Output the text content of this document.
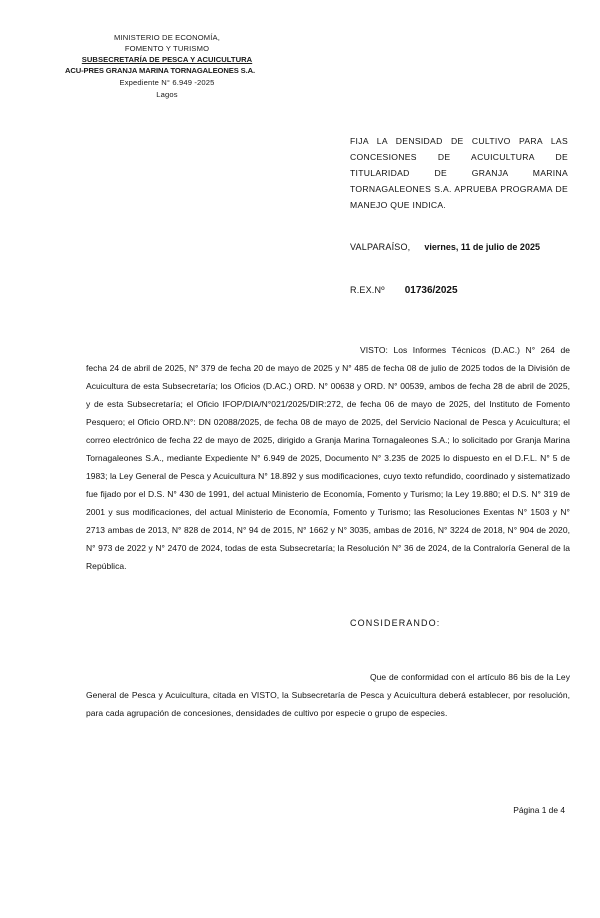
MINISTERIO DE ECONOMÍA,
FOMENTO Y TURISMO
SUBSECRETARÍA DE PESCA Y ACUICULTURA
ACU-PRES GRANJA MARINA TORNAGALEONES S.A.
Expediente N° 6.949 -2025
Lagos
FIJA LA DENSIDAD DE CULTIVO PARA LAS CONCESIONES DE ACUICULTURA DE TITULARIDAD DE GRANJA MARINA TORNAGALEONES S.A. APRUEBA PROGRAMA DE MANEJO QUE INDICA.
VALPARAÍSO, viernes, 11 de julio de 2025
R.EX.Nº 01736/2025
VISTO: Los Informes Técnicos (D.AC.) N° 264 de fecha 24 de abril de 2025, N° 379 de fecha 20 de mayo de 2025 y N° 485 de fecha 08 de julio de 2025 todos de la División de Acuicultura de esta Subsecretaría; los Oficios (D.AC.) ORD. N° 00638 y ORD. N° 00539, ambos de fecha 28 de abril de 2025, y de esta Subsecretaría; el Oficio IFOP/DIA/N°021/2025/DIR:272, de fecha 06 de mayo de 2025, del Instituto de Fomento Pesquero; el Oficio ORD.N°: DN 02088/2025, de fecha 08 de mayo de 2025, del Servicio Nacional de Pesca y Acuicultura; el correo electrónico de fecha 22 de mayo de 2025, dirigido a Granja Marina Tornagaleones S.A.; lo solicitado por Granja Marina Tornagaleones S.A., mediante Expediente N° 6.949 de 2025, Documento N° 3.235 de 2025 lo dispuesto en el D.F.L. N° 5 de 1983; la Ley General de Pesca y Acuicultura N° 18.892 y sus modificaciones, cuyo texto refundido, coordinado y sistematizado fue fijado por el D.S. N° 430 de 1991, del actual Ministerio de Economía, Fomento y Turismo; la Ley 19.880; el D.S. N° 319 de 2001 y sus modificaciones, del actual Ministerio de Economía, Fomento y Turismo; las Resoluciones Exentas N° 1503 y N° 2713 ambas de 2013, N° 828 de 2014, N° 94 de 2015, N° 1662 y N° 3035, ambas de 2016, N° 3224 de 2018, N° 904 de 2020, N° 973 de 2022 y N° 2470 de 2024, todas de esta Subsecretaría; la Resolución N° 36 de 2024, de la Contraloría General de la República.
CONSIDERANDO:
Que de conformidad con el artículo 86 bis de la Ley General de Pesca y Acuicultura, citada en VISTO, la Subsecretaría de Pesca y Acuicultura deberá establecer, por resolución, para cada agrupación de concesiones, densidades de cultivo por especie o grupo de especies.
Página 1 de 4
